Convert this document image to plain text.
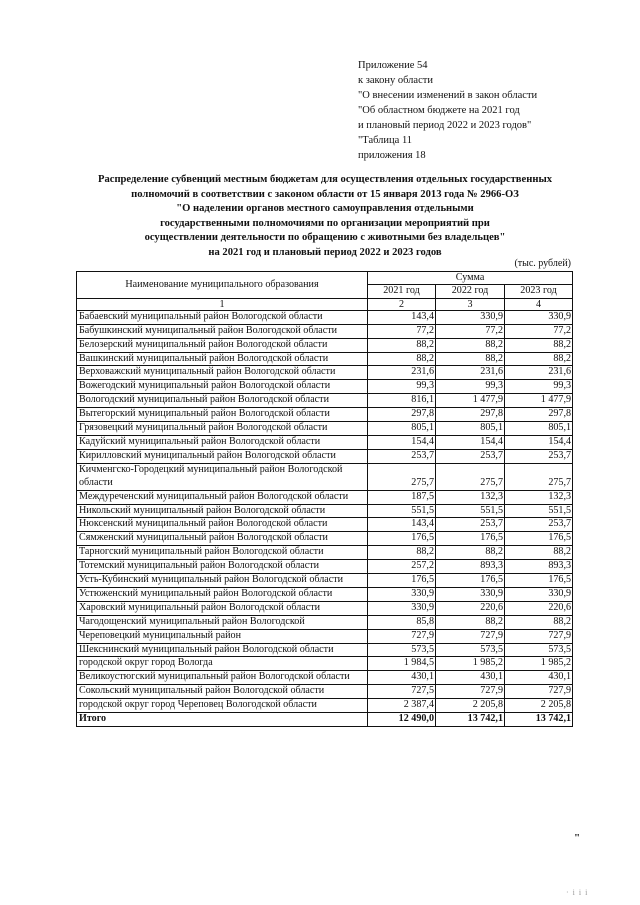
Приложение 54
к закону области
"О внесении изменений в закон области
"Об областном бюджете на 2021 год
и плановый период 2022 и 2023 годов"
"Таблица 11
приложения 18
Распределение субвенций местным бюджетам для осуществления отдельных государственных
полномочий в соответствии с законом области от 15 января 2013 года № 2966-ОЗ
"О наделении органов местного самоуправления отдельными
государственными полномочиями по организации мероприятий при
осуществлении деятельности по обращению с животными без владельцев"
на 2021 год и плановый период 2022 и 2023 годов
(тыс. рублей)
Наименование муниципального образования	Сумма		
	2021 год	2022 год	2023 год
1	2	3	4
Бабаевский муниципальный район Вологодской области	143,4	330,9	330,9
Бабушкинский муниципальный район Вологодской области	77,2	77,2	77,2
Белозерский муниципальный район Вологодской области	88,2	88,2	88,2
Вашкинский муниципальный район Вологодской области	88,2	88,2	88,2
Верховажский муниципальный район Вологодской области	231,6	231,6	231,6
Вожегодский муниципальный район Вологодской области	99,3	99,3	99,3
Вологодский муниципальный район Вологодской области	816,1	1 477,9	1 477,9
Вытегорский муниципальный район Вологодской области	297,8	297,8	297,8
Грязовецкий муниципальный район Вологодской области	805,1	805,1	805,1
Кадуйский муниципальный район Вологодской области	154,4	154,4	154,4
Кирилловский муниципальный район Вологодской области	253,7	253,7	253,7
Кичменгско-Городецкий муниципальный район Вологодской области	275,7	275,7	275,7
Междуреченский муниципальный район Вологодской области	187,5	132,3	132,3
Никольский муниципальный район Вологодской области	551,5	551,5	551,5
Нюксенский муниципальный район Вологодской области	143,4	253,7	253,7
Сямженский муниципальный район Вологодской области	176,5	176,5	176,5
Тарногский муниципальный район Вологодской области	88,2	88,2	88,2
Тотемский муниципальный район Вологодской области	257,2	893,3	893,3
Усть-Кубинский муниципальный район Вологодской области	176,5	176,5	176,5
Устюженский муниципальный район Вологодской области	330,9	330,9	330,9
Харовский муниципальный район Вологодской области	330,9	220,6	220,6
Чагодощенский муниципальный район Вологодской	85,8	88,2	88,2
Череповецкий муниципальный район	727,9	727,9	727,9
Шекснинский муниципальный район Вологодской области	573,5	573,5	573,5
городской округ город Вологда	1 984,5	1 985,2	1 985,2
Великоустюгский муниципальный район Вологодской области	430,1	430,1	430,1
Сокольский муниципальный район Вологодской области	727,5	727,9	727,9
городской округ город Череповец Вологодской области	2 387,4	2 205,8	2 205,8
Итого	12 490,0	13 742,1	13 742,1
"
· і і і
